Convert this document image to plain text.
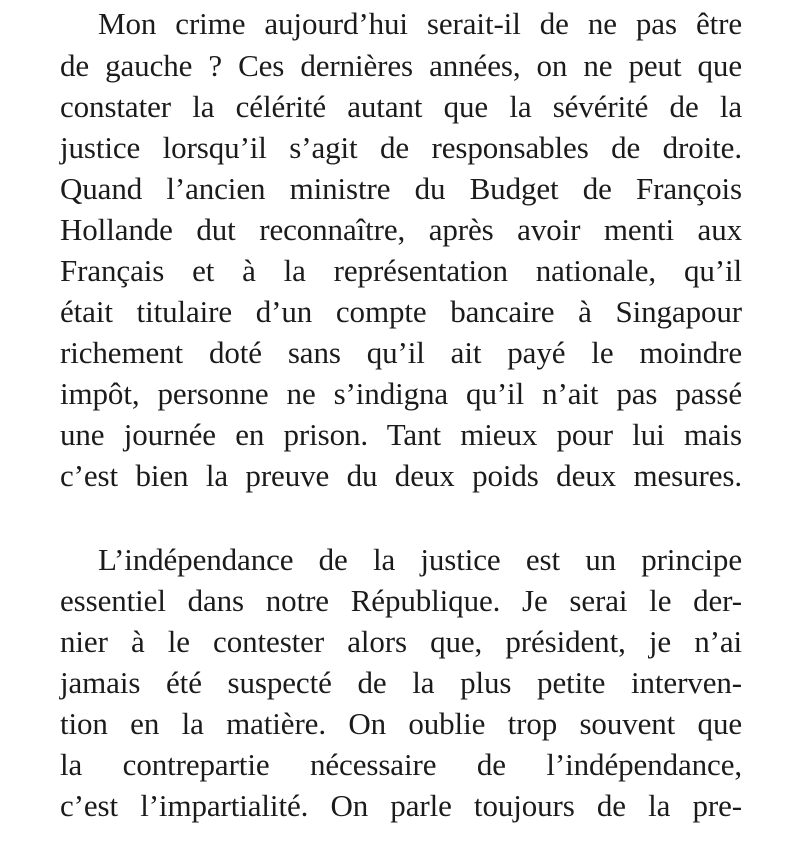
Mon crime aujourd’hui serait-il de ne pas être
de gauche ? Ces dernières années, on ne peut que
constater la célérité autant que la sévérité de la
justice lorsqu’il s’agit de responsables de droite.
Quand l’ancien ministre du Budget de François
Hollande dut reconnaître, après avoir menti aux
Français et à la représentation nationale, qu’il
était titulaire d’un compte bancaire à Singapour
richement doté sans qu’il ait payé le moindre
impôt, personne ne s’indigna qu’il n’ait pas passé
une journée en prison. Tant mieux pour lui mais
c’est bien la preuve du deux poids deux mesures.
L’indépendance de la justice est un principe
essentiel dans notre République. Je serai le der-
nier à le contester alors que, président, je n’ai
jamais été suspecté de la plus petite interven-
tion en la matière. On oublie trop souvent que
la contrepartie nécessaire de l’indépendance,
c’est l’impartialité. On parle toujours de la pre-
